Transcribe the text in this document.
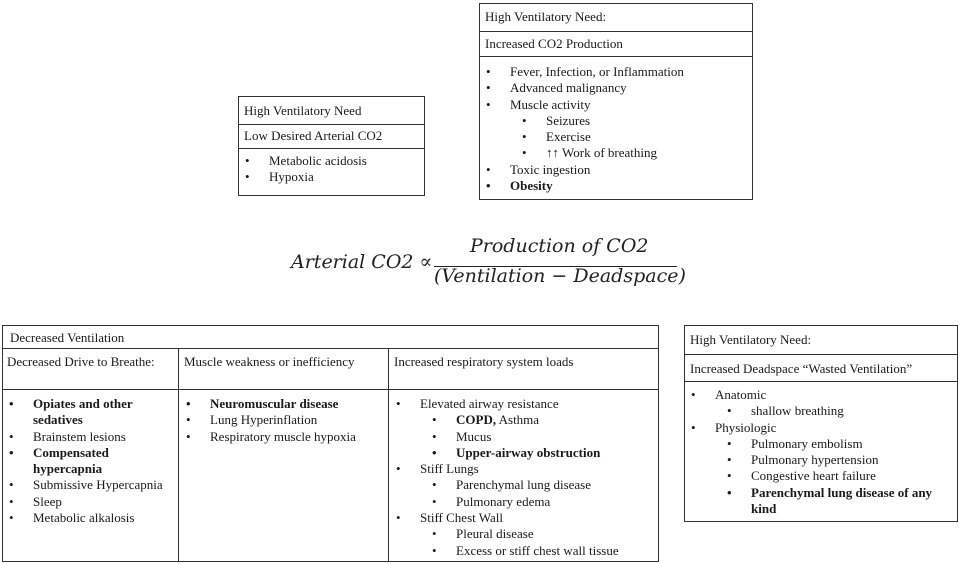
High Ventilatory Need
Low Desired Arterial CO2
• Metabolic acidosis
• Hypoxia
High Ventilatory Need:
Increased CO2 Production
• Fever, Infection, or Inflammation
• Advanced malignancy
• Muscle activity
• Seizures
• Exercise
• ↑↑ Work of breathing
• Toxic ingestion
• Obesity
Arterial CO2 ∝
Production of CO2
(Ventilation − Deadspace)
Decreased Ventilation
Decreased Drive to Breathe: Muscle weakness or inefficiency	Increased respiratory system loads
• Opiates and other sedatives
• Brainstem lesions
• Compensated hypercapnia
• Submissive Hypercapnia
• Sleep
• Metabolic alkalosis
• Neuromuscular disease
• Lung Hyperinflation
• Respiratory muscle hypoxia
• Elevated airway resistance
• COPD, Asthma
• Mucus
• Upper-airway obstruction
• Stiff Lungs
• Parenchymal lung disease
• Pulmonary edema
• Stiff Chest Wall
• Pleural disease
• Excess or stiff chest wall tissue
High Ventilatory Need:
Increased Deadspace “Wasted Ventilation”
• Anatomic
• shallow breathing
• Physiologic
• Pulmonary embolism
• Pulmonary hypertension
• Congestive heart failure
• Parenchymal lung disease of any kind
